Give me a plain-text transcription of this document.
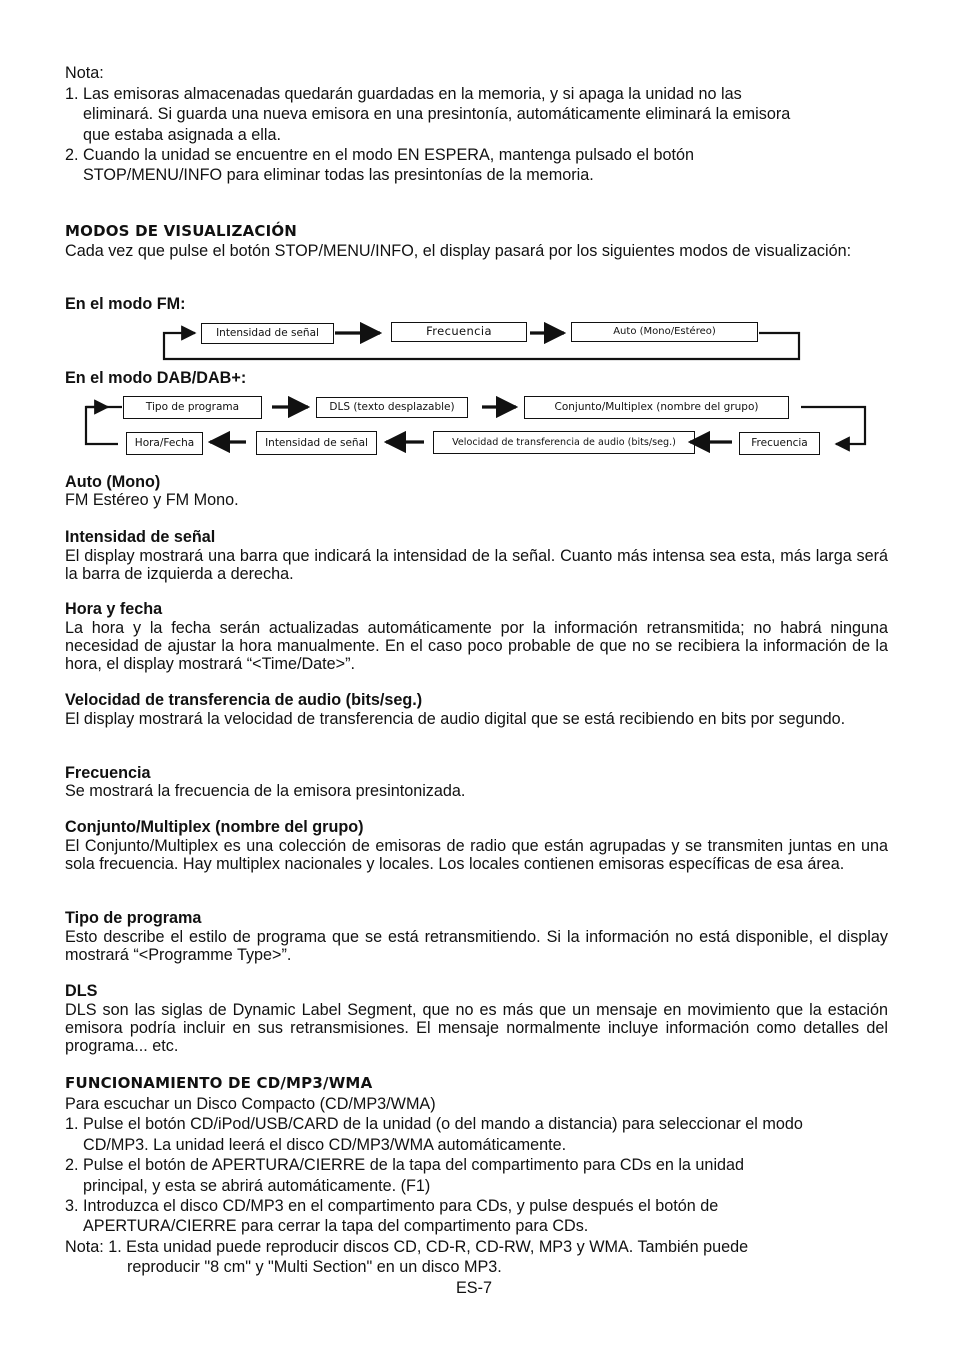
Nota:
1. Las emisoras almacenadas quedarán guardadas en la memoria, y si apaga la unidad no las
eliminará. Si guarda una nueva emisora en una presintonía, automáticamente eliminará la emisora
que estaba asignada a ella.
2. Cuando la unidad se encuentre en el modo EN ESPERA, mantenga pulsado el botón
STOP/MENU/INFO para eliminar todas las presintonías de la memoria.
MODOS DE VISUALIZACIÓN
Cada vez que pulse el botón STOP/MENU/INFO, el display pasará por los siguientes modos de visualización:
En el modo FM:
Intensidad de señal	Frecuencia	Auto (Mono/Estéreo)
En el modo DAB/DAB+:
Tipo de programa	DLS (texto desplazable)	Conjunto/Multiplex (nombre del grupo)
Hora/Fecha	Intensidad de señal	Velocidad de transferencia de audio (bits/seg.)	Frecuencia
Auto (Mono)
FM Estéreo y FM Mono.
Intensidad de señal
El display mostrará una barra que indicará la intensidad de la señal. Cuanto más intensa sea esta, más larga será la barra de izquierda a derecha.
Hora y fecha
La hora y la fecha serán actualizadas automáticamente por la información retransmitida; no habrá ninguna necesidad de ajustar la hora manualmente. En el caso poco probable de que no se recibiera la información de la hora, el display mostrará “<Time/Date>”.
Velocidad de transferencia de audio (bits/seg.)
El display mostrará la velocidad de transferencia de audio digital que se está recibiendo en bits por segundo.
Frecuencia
Se mostrará la frecuencia de la emisora presintonizada.
Conjunto/Multiplex (nombre del grupo)
El Conjunto/Multiplex es una colección de emisoras de radio que están agrupadas y se transmiten juntas en una sola frecuencia. Hay multiplex nacionales y locales. Los locales contienen emisoras específicas de esa área.
Tipo de programa
Esto describe el estilo de programa que se está retransmitiendo. Si la información no está disponible, el display mostrará “<Programme Type>”.
DLS
DLS son las siglas de Dynamic Label Segment, que no es más que un mensaje en movimiento que la estación emisora podría incluir en sus retransmisiones. El mensaje normalmente incluye información como detalles del programa... etc.
FUNCIONAMIENTO DE CD/MP3/WMA
Para escuchar un Disco Compacto (CD/MP3/WMA)
1. Pulse el botón CD/iPod/USB/CARD de la unidad (o del mando a distancia) para seleccionar el modo
CD/MP3. La unidad leerá el disco CD/MP3/WMA automáticamente.
2. Pulse el botón de APERTURA/CIERRE de la tapa del compartimento para CDs en la unidad
principal, y esta se abrirá automáticamente. (F1)
3. Introduzca el disco CD/MP3 en el compartimento para CDs, y pulse después el botón de
APERTURA/CIERRE para cerrar la tapa del compartimento para CDs.
Nota: 1. Esta unidad puede reproducir discos CD, CD-R, CD-RW, MP3 y WMA. También puede
reproducir "8 cm" y "Multi Section" en un disco MP3.
ES-7
